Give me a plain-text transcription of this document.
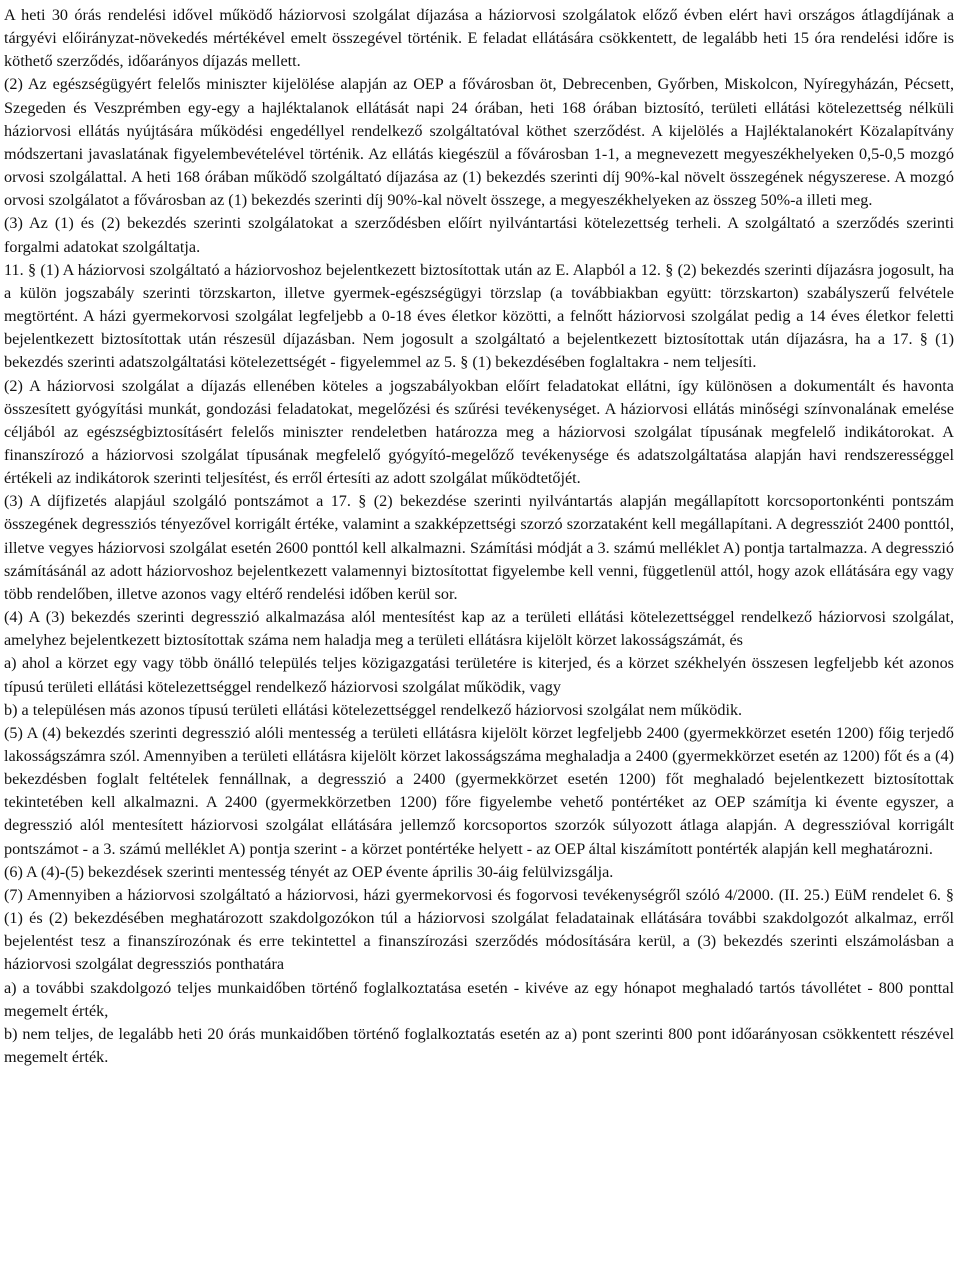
A heti 30 órás rendelési idővel működő háziorvosi szolgálat díjazása a háziorvosi szolgálatok előző évben elért havi országos átlagdíjának a tárgyévi előirányzat-növekedés mértékével emelt összegével történik. E feladat ellátására csökkentett, de legalább heti 15 óra rendelési időre is köthető szerződés, időarányos díjazás mellett.

(2) Az egészségügyért felelős miniszter kijelölése alapján az OEP a fővárosban öt, Debrecenben, Győrben, Miskolcon, Nyíregyházán, Pécsett, Szegeden és Veszprémben egy-egy a hajléktalanok ellátását napi 24 órában, heti 168 órában biztosító, területi ellátási kötelezettség nélküli háziorvosi ellátás nyújtására működési engedéllyel rendelkező szolgáltatóval köthet szerződést. A kijelölés a Hajléktalanokért Közalapítvány módszertani javaslatának figyelembevételével történik. Az ellátás kiegészül a fővárosban 1-1, a megnevezett megyeszékhelyeken 0,5-0,5 mozgó orvosi szolgálattal. A heti 168 órában működő szolgáltató díjazása az (1) bekezdés szerinti díj 90%-kal növelt összegének négyszerese. A mozgó orvosi szolgálatot a fővárosban az (1) bekezdés szerinti díj 90%-kal növelt összege, a megyeszékhelyeken az összeg 50%-a illeti meg.

(3) Az (1) és (2) bekezdés szerinti szolgálatokat a szerződésben előírt nyilvántartási kötelezettség terheli. A szolgáltató a szerződés szerinti forgalmi adatokat szolgáltatja.

11. § (1) A háziorvosi szolgáltató a háziorvoshoz bejelentkezett biztosítottak után az E. Alapból a 12. § (2) bekezdés szerinti díjazásra jogosult, ha a külön jogszabály szerinti törzskarton, illetve gyermek-egészségügyi törzslap (a továbbiakban együtt: törzskarton) szabályszerű felvétele megtörtént. A házi gyermekorvosi szolgálat legfeljebb a 0-18 éves életkor közötti, a felnőtt háziorvosi szolgálat pedig a 14 éves életkor feletti bejelentkezett biztosítottak után részesül díjazásban. Nem jogosult a szolgáltató a bejelentkezett biztosítottak után díjazásra, ha a 17. § (1) bekezdés szerinti adatszolgáltatási kötelezettségét - figyelemmel az 5. § (1) bekezdésében foglaltakra - nem teljesíti.

(2) A háziorvosi szolgálat a díjazás ellenében köteles a jogszabályokban előírt feladatokat ellátni, így különösen a dokumentált és havonta összesített gyógyítási munkát, gondozási feladatokat, megelőzési és szűrési tevékenységet. A háziorvosi ellátás minőségi színvonalának emelése céljából az egészségbiztosításért felelős miniszter rendeletben határozza meg a háziorvosi szolgálat típusának megfelelő indikátorokat. A finanszírozó a háziorvosi szolgálat típusának megfelelő gyógyító-megelőző tevékenysége és adatszolgáltatása alapján havi rendszerességgel értékeli az indikátorok szerinti teljesítést, és erről értesíti az adott szolgálat működtetőjét.

(3) A díjfizetés alapjául szolgáló pontszámot a 17. § (2) bekezdése szerinti nyilvántartás alapján megállapított korcsoportonkénti pontszám összegének degressziós tényezővel korrigált értéke, valamint a szakképzettségi szorzó szorzataként kell megállapítani. A degressziót 2400 ponttól, illetve vegyes háziorvosi szolgálat esetén 2600 ponttól kell alkalmazni. Számítási módját a 3. számú melléklet A) pontja tartalmazza. A degresszió számításánál az adott háziorvoshoz bejelentkezett valamennyi biztosítottat figyelembe kell venni, függetlenül attól, hogy azok ellátására egy vagy több rendelőben, illetve azonos vagy eltérő rendelési időben kerül sor.

(4) A (3) bekezdés szerinti degresszió alkalmazása alól mentesítést kap az a területi ellátási kötelezettséggel rendelkező háziorvosi szolgálat, amelyhez bejelentkezett biztosítottak száma nem haladja meg a területi ellátásra kijelölt körzet lakosságszámát, és

a) ahol a körzet egy vagy több önálló település teljes közigazgatási területére is kiterjed, és a körzet székhelyén összesen legfeljebb két azonos típusú területi ellátási kötelezettséggel rendelkező háziorvosi szolgálat működik, vagy

b) a településen más azonos típusú területi ellátási kötelezettséggel rendelkező háziorvosi szolgálat nem működik.

(5) A (4) bekezdés szerinti degresszió alóli mentesség a területi ellátásra kijelölt körzet legfeljebb 2400 (gyermekkörzet esetén 1200) főig terjedő lakosságszámra szól. Amennyiben a területi ellátásra kijelölt körzet lakosságszáma meghaladja a 2400 (gyermekkörzet esetén az 1200) főt és a (4) bekezdésben foglalt feltételek fennállnak, a degresszió a 2400 (gyermekkörzet esetén 1200) főt meghaladó bejelentkezett biztosítottak tekintetében kell alkalmazni. A 2400 (gyermekkörzetben 1200) főre figyelembe vehető pontértéket az OEP számítja ki évente egyszer, a degresszió alól mentesített háziorvosi szolgálat ellátására jellemző korcsoportos szorzók súlyozott átlaga alapján. A degresszióval korrigált pontszámot - a 3. számú melléklet A) pontja szerint - a körzet pontértéke helyett - az OEP által kiszámított pontérték alapján kell meghatározni.

(6) A (4)-(5) bekezdések szerinti mentesség tényét az OEP évente április 30-áig felülvizsgálja.

(7) Amennyiben a háziorvosi szolgáltató a háziorvosi, házi gyermekorvosi és fogorvosi tevékenységről szóló 4/2000. (II. 25.) EüM rendelet 6. § (1) és (2) bekezdésében meghatározott szakdolgozókon túl a háziorvosi szolgálat feladatainak ellátására további szakdolgozót alkalmaz, erről bejelentést tesz a finanszírozónak és erre tekintettel a finanszírozási szerződés módosítására kerül, a (3) bekezdés szerinti elszámolásban a háziorvosi szolgálat degressziós ponthatára

a) a további szakdolgozó teljes munkaidőben történő foglalkoztatása esetén - kivéve az egy hónapot meghaladó tartós távollétet - 800 ponttal megemelt érték,

b) nem teljes, de legalább heti 20 órás munkaidőben történő foglalkoztatás esetén az a) pont szerinti 800 pont időarányosan csökkentett részével megemelt érték.
